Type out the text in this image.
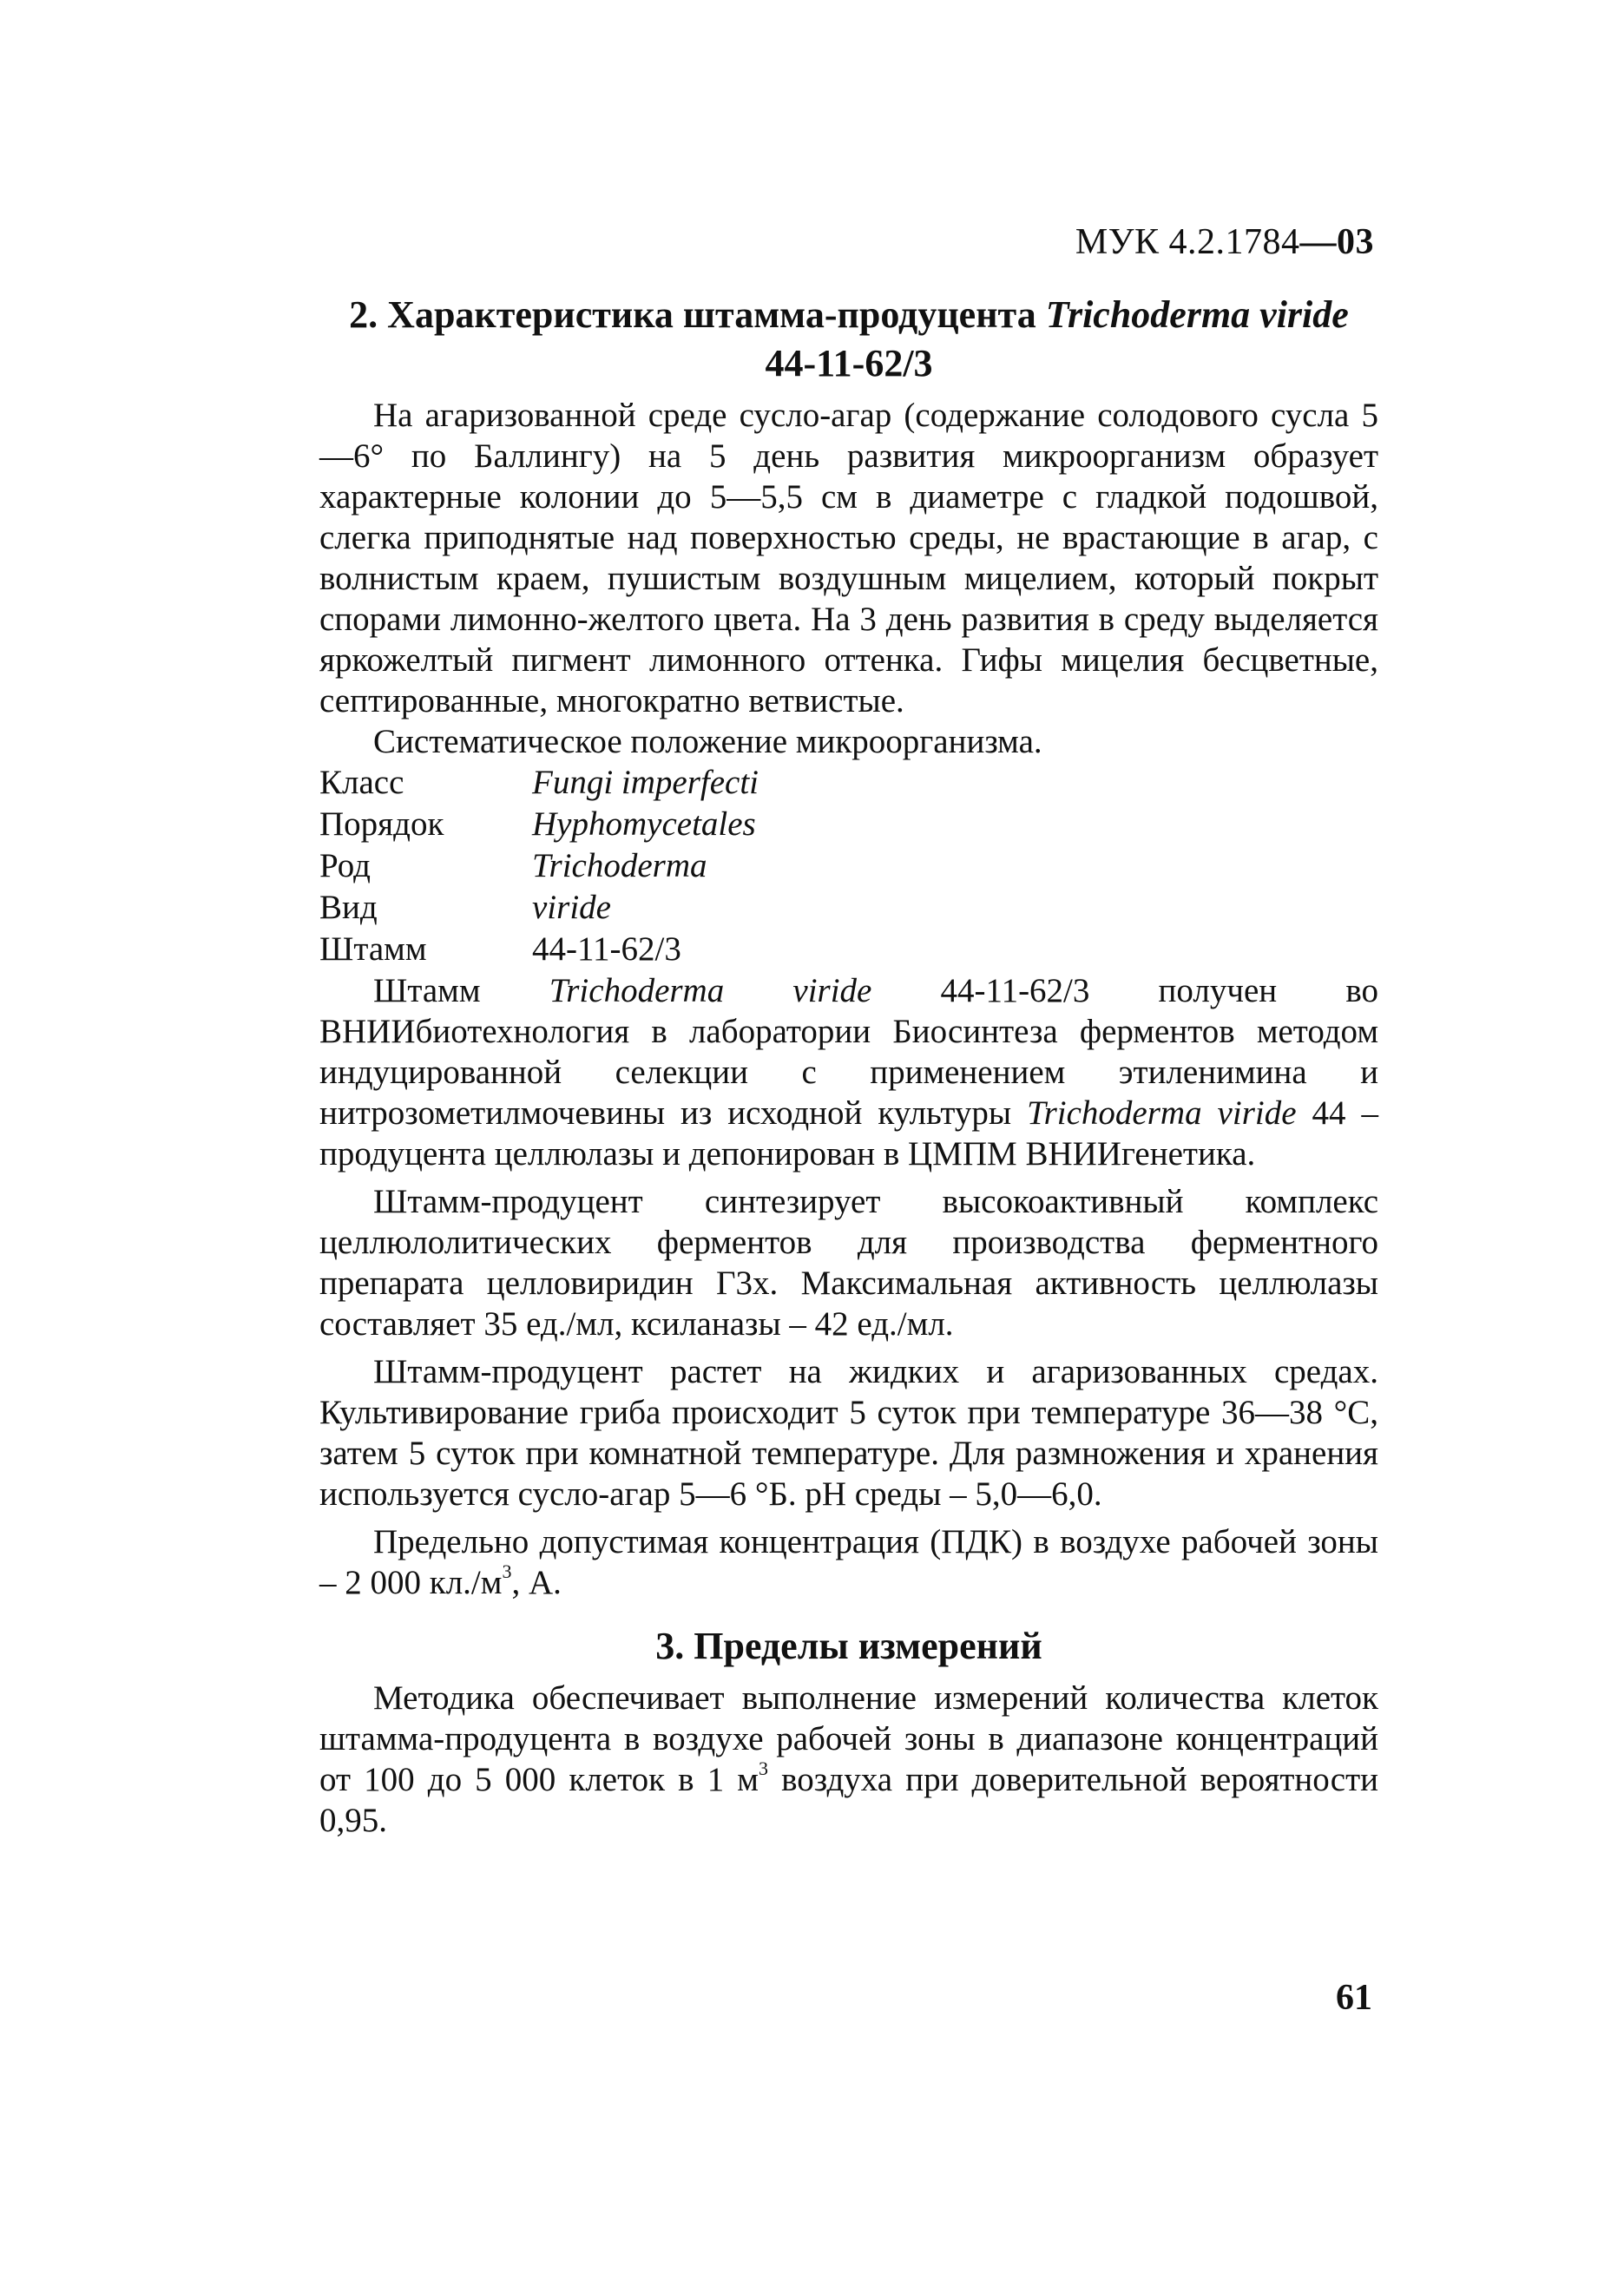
МУК 4.2.1784—03
2. Характеристика штамма-продуцента Trichoderma viride
44-11-62/3

На агаризованной среде сусло-агар (содержание солодового сусла 5—6° по Баллингу) на 5 день развития микроорганизм образует характерные колонии до 5—5,5 см в диаметре с гладкой подошвой, слегка приподнятые над поверхностью среды, не врастающие в агар, с волнистым краем, пушистым воздушным мицелием, который покрыт спорами лимонно-желтого цвета. На 3 день развития в среду выделяется яркожелтый пигмент лимонного оттенка. Гифы мицелия бесцветные, септированные, многократно ветвистые.

Систематическое положение микроорганизма.

Класс	Fungi imperfecti
Порядок	Hyphomycetales
Род	Trichoderma
Вид	viride
Штамм	44-11-62/3

Штамм Trichoderma viride 44-11-62/3 получен во ВНИИбиотехнология в лаборатории Биосинтеза ферментов методом индуцированной селекции с применением этиленимина и нитрозометилмочевины из исходной культуры Trichoderma viride 44 – продуцента целлюлазы и депонирован в ЦМПМ ВНИИгенетика.

Штамм-продуцент синтезирует высокоактивный комплекс целлюлолитических ферментов для производства ферментного препарата целловиридин Г3х. Максимальная активность целлюлазы составляет 35 ед./мл, ксиланазы – 42 ед./мл.

Штамм-продуцент растет на жидких и агаризованных средах. Культивирование гриба происходит 5 суток при температуре 36—38 °С, затем 5 суток при комнатной температуре. Для размножения и хранения используется сусло-агар 5—6 °Б. pH среды – 5,0—6,0.

Предельно допустимая концентрация (ПДК) в воздухе рабочей зоны – 2 000 $кл./м^3$, А.

3. Пределы измерений

Методика обеспечивает выполнение измерений количества клеток штамма-продуцента в воздухе рабочей зоны в диапазоне концентраций от 100 до 5 000 клеток в 1 $м^3$ воздуха при доверительной вероятности 0,95.

61
